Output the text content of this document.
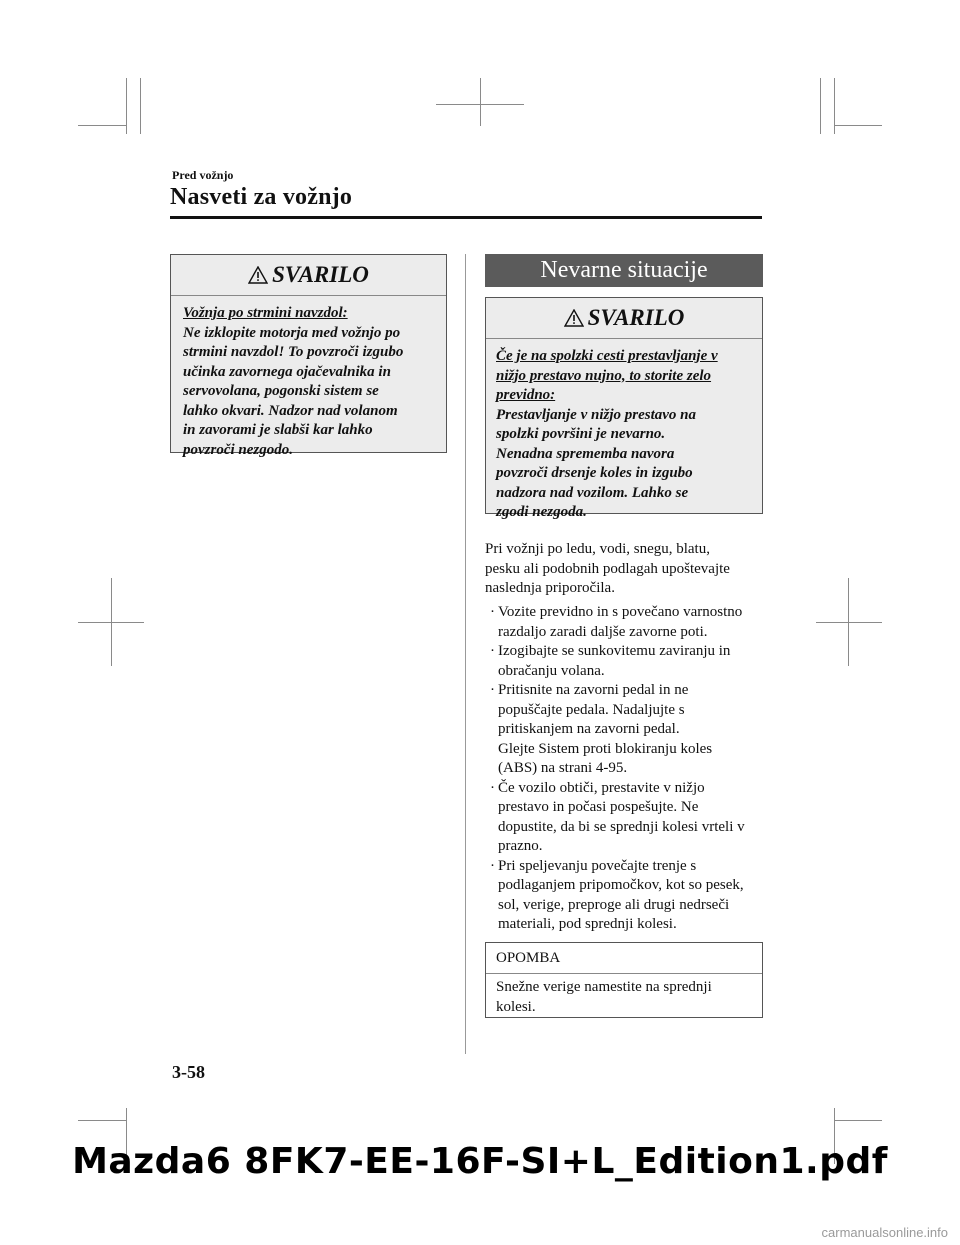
Pred vožnjo
Nasveti za vožnjo
SVARILO

Vožnja po strmini navzdol:

Ne izklopite motorja med vožnjo po

strmini navzdol! To povzroči izgubo

učinka zavornega ojačevalnika in

servovolana, pogonski sistem se

lahko okvari. Nadzor nad volanom

in zavorami je slabši kar lahko

povzroči nezgodo.

Nevarne situacije
SVARILO

Če je na spolzki cesti prestavljanje v

nižjo prestavo nujno, to storite zelo

previdno:

Prestavljanje v nižjo prestavo na

spolzki površini je nevarno.

Nenadna sprememba navora

povzroči drsenje koles in izgubo

nadzora nad vozilom. Lahko se

zgodi nezgoda.

Pri vožnji po ledu, vodi, snegu, blatu,
pesku ali podobnih podlagah upoštevajte
naslednja priporočila.
· Vozite previdno in s povečano varnostno
razdaljo zaradi daljše zavorne poti.
· Izogibajte se sunkovitemu zaviranju in
obračanju volana.
· Pritisnite na zavorni pedal in ne
popuščajte pedala. Nadaljujte s
pritiskanjem na zavorni pedal.
Glejte Sistem proti blokiranju koles
(ABS) na strani 4-95.
· Če vozilo obtiči, prestavite v nižjo
prestavo in počasi pospešujte. Ne
dopustite, da bi se sprednji kolesi vrteli v
prazno.
· Pri speljevanju povečajte trenje s
podlaganjem pripomočkov, kot so pesek,
sol, verige, preproge ali drugi nedrseči
materiali, pod sprednji kolesi.
OPOMBA
Snežne verige namestite na sprednji
kolesi.
3-58
Mazda6 8FK7-EE-16F-SI+L_Edition1.pdf
carmanualsonline.info
